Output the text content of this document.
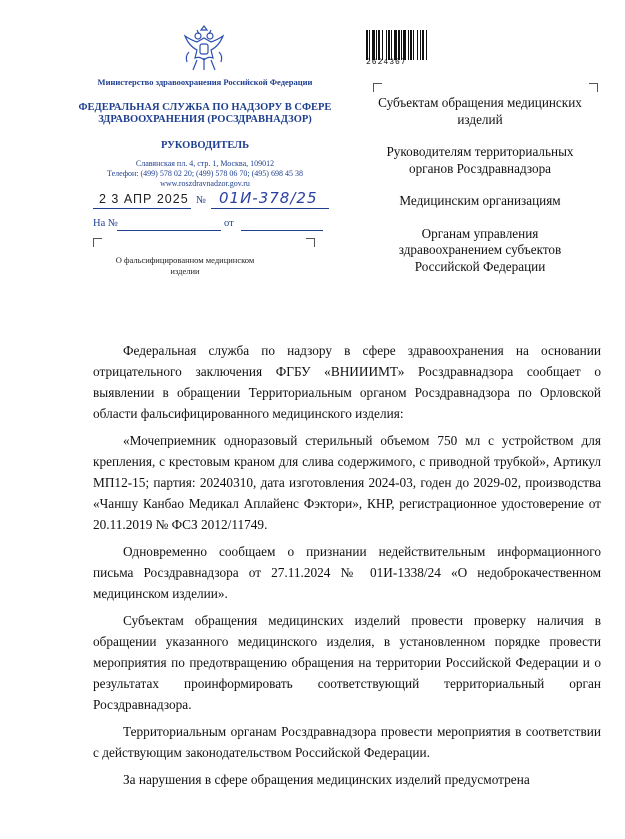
Министерство здравоохранения Российской Федерации
ФЕДЕРАЛЬНАЯ СЛУЖБА ПО НАДЗОРУ В СФЕРЕ ЗДРАВООХРАНЕНИЯ (РОСЗДРАВНАДЗОР)
РУКОВОДИТЕЛЬ
Славянская пл. 4, стр. 1, Москва, 109012
Телефон: (499) 578 02 20; (499) 578 06 70; (495) 698 45 38
www.roszdravnadzor.gov.ru
2 3 АПР 2025 № 01И-378/25
На №	от
О фальсифицированном медицинском изделии
2624367
Субъектам обращения медицинских изделий
Руководителям территориальных органов Росздравнадзора
Медицинским организациям
Органам управления здравоохранением субъектов Российской Федерации

Федеральная служба по надзору в сфере здравоохранения на основании отрицательного заключения ФГБУ «ВНИИИМТ» Росздравнадзора сообщает о выявлении в обращении Территориальным органом Росздравнадзора по Орловской области фальсифицированного медицинского изделия:

«Мочеприемник одноразовый стерильный объемом 750 мл с устройством для крепления, с крестовым краном для слива содержимого, с приводной трубкой», Артикул МП12-15; партия: 20240310, дата изготовления 2024-03, годен до 2029-02, производства «Чаншу Канбао Медикал Аплайенс Фэктори», КНР, регистрационное удостоверение от 20.11.2019 № ФСЗ 2012/11749.

Одновременно сообщаем о признании недействительным информационного письма Росздравнадзора от 27.11.2024 № 01И-1338/24 «О недоброкачественном медицинском изделии».

Субъектам обращения медицинских изделий провести проверку наличия в обращении указанного медицинского изделия, в установленном порядке провести мероприятия по предотвращению обращения на территории Российской Федерации и о результатах проинформировать соответствующий территориальный орган Росздравнадзора.

Территориальным органам Росздравнадзора провести мероприятия в соответствии с действующим законодательством Российской Федерации.

За нарушения в сфере обращения медицинских изделий предусмотрена
